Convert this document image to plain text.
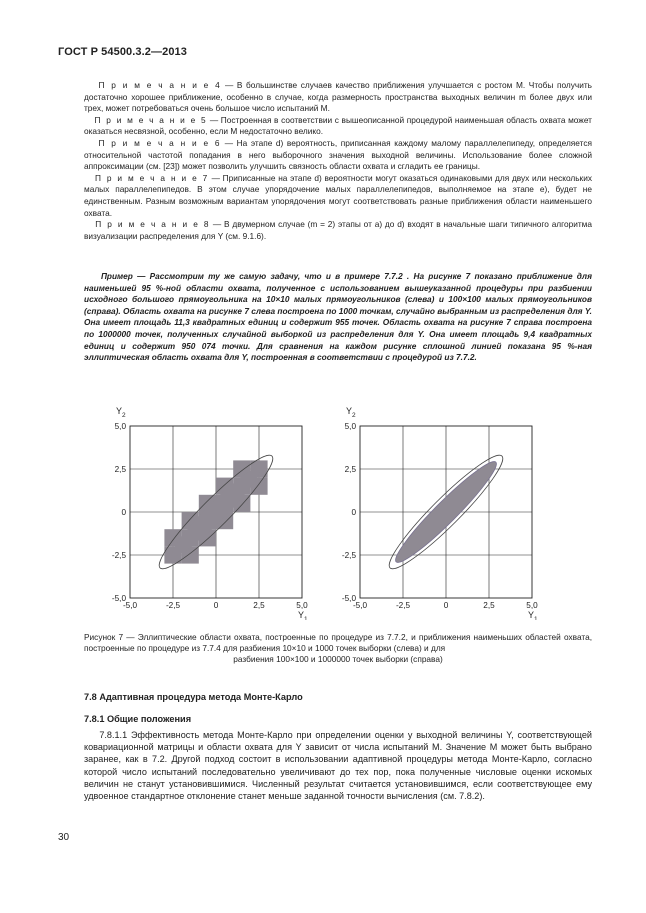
ГОСТ Р 54500.3.2—2013

П р и м е ч а н и е 4 — В большинстве случаев качество приближения улучшается с ростом M. Чтобы получить достаточно хорошее приближение, особенно в случае, когда размерность пространства выходных величин m более двух или трех, может потребоваться очень большое число испытаний M.

П р и м е ч а н и е 5 — Построенная в соответствии с вышеописанной процедурой наименьшая область охвата может оказаться несвязной, особенно, если M недостаточно велико.

П р и м е ч а н и е 6 — На этапе d) вероятность, приписанная каждому малому параллелепипеду, определяется относительной частотой попадания в него выборочного значения выходной величины. Использование более сложной аппроксимации (см. [23]) может позволить улучшить связность области охвата и сгладить ее границы.

П р и м е ч а н и е 7 — Приписанные на этапе d) вероятности могут оказаться одинаковыми для двух или нескольких малых параллелепипедов. В этом случае упорядочение малых параллелепипедов, выполняемое на этапе e), будет не единственным. Разным возможным вариантам упорядочения могут соответствовать разные приближения области наименьшего охвата.

П р и м е ч а н и е 8 — В двумерном случае (m = 2) этапы от a) до d) входят в начальные шаги типичного алгоритма визуализации распределения для Y (см. 9.1.6).

Пример — Рассмотрим ту же самую задачу, что и в примере 7.7.2 . На рисунке 7 показано приближение для наименьшей 95 %-ной области охвата, полученное с использованием вышеуказанной процедуры при разбиении исходного большого прямоугольника на 10×10 малых прямоугольников (слева) и 100×100 малых прямоугольников (справа). Область охвата на рисунке 7 слева построена по 1000 точкам, случайно выбранным из распределения для Y. Она имеет площадь 11,3 квадратных единиц и содержит 955 точек. Область охвата на рисунке 7 справа построена по 1000000 точек, полученных случайной выборкой из распределения для Y. Она имеет площадь 9,4 квадратных единиц и содержит 950 074 точки. Для сравнения на каждом рисунке сплошной линией показана 95 %-ная эллиптическая область охвата для Y, построенная в соответствии с процедурой из 7.7.2.

5,0
2,5
0
-2,5
-5,0
-5,0	-2,5	0	2,5	5,0
$Y_2$
$Y_1$
5,0
2,5
0
-2,5
-5,0
-5,0	-2,5	0	2,5	5,0
$Y_2$
$Y_1$
Рисунок 7 — Эллиптические области охвата, построенные по процедуре из 7.7.2, и приближения наименьших областей охвата, построенные по процедуре из 7.7.4 для разбиения 10×10 и 1000 точек выборки (слева) и для
разбиения 100×100 и 1000000 точек выборки (справа)
7.8 Адаптивная процедура метода Монте-Карло
7.8.1 Общие положения

7.8.1.1 Эффективность метода Монте-Карло при определении оценки y выходной величины Y, соответствующей ковариационной матрицы и области охвата для Y зависит от числа испытаний M. Значение M может быть выбрано заранее, как в 7.2. Другой подход состоит в использовании адаптивной процедуры метода Монте-Карло, согласно которой число испытаний последовательно увеличивают до тех пор, пока полученные числовые оценки искомых величин не станут установившимися. Численный результат считается установившимся, если соответствующее ему удвоенное стандартное отклонение станет меньше заданной точности вычисления (см. 7.8.2).

30
